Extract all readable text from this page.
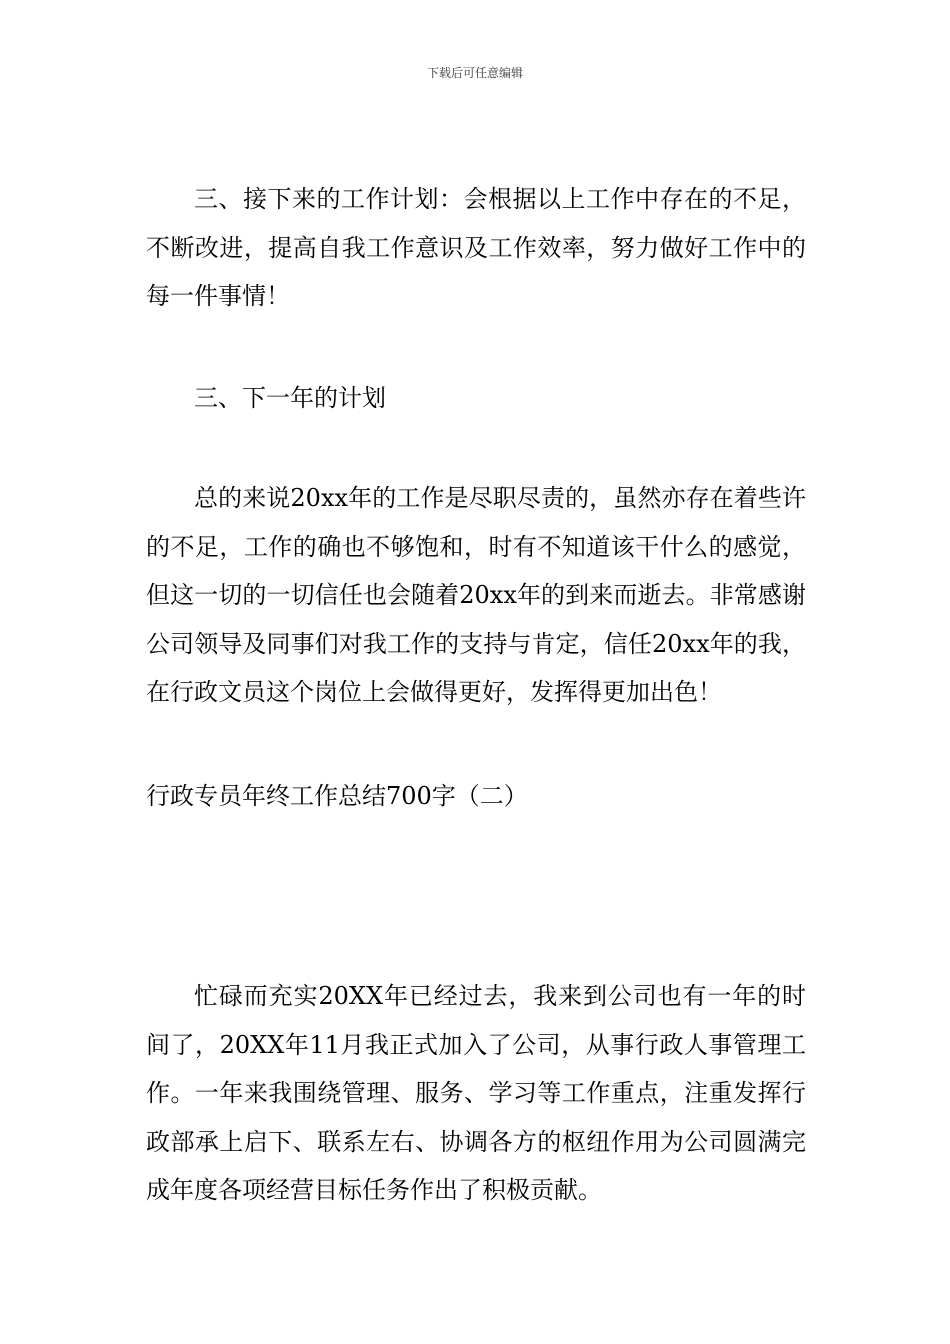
下载后可任意编辑

三、接下来的工作计划：会根据以上工作中存在的不足，不断改进，提高自我工作意识及工作效率，努力做好工作中的每一件事情！

三、下一年的计划

总的来说20xx年的工作是尽职尽责的，虽然亦存在着些许的不足，工作的确也不够饱和，时有不知道该干什么的感觉，但这一切的一切信任也会随着20xx年的到来而逝去。非常感谢公司领导及同事们对我工作的支持与肯定，信任20xx年的我，在行政文员这个岗位上会做得更好，发挥得更加出色！

行政专员年终工作总结700字（二）

忙碌而充实20XX年已经过去，我来到公司也有一年的时间了，20XX年11月我正式加入了公司，从事行政人事管理工作。一年来我围绕管理、服务、学习等工作重点，注重发挥行政部承上启下、联系左右、协调各方的枢纽作用为公司圆满完成年度各项经营目标任务作出了积极贡献。
